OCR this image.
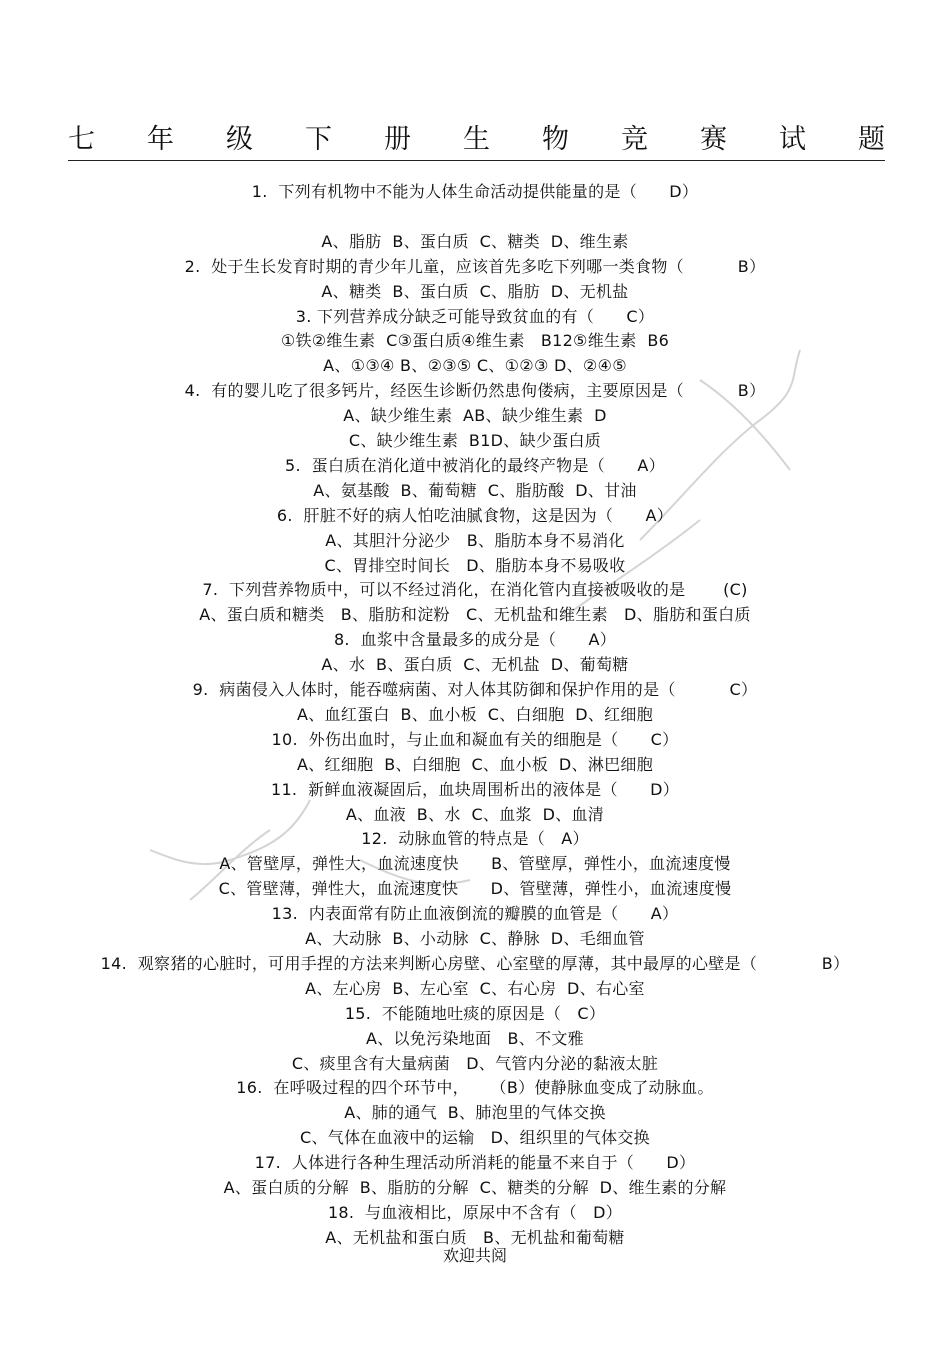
七 年 级 下 册 生 物 竞 赛 试 题
1.  下列有机物中不能为人体生命活动提供能量的是（      D）
A、脂肪  B、蛋白质  C、糖类  D、维生素
2.  处于生长发育时期的青少年儿童，应该首先多吃下列哪一类食物（          B）
A、糖类  B、蛋白质  C、脂肪  D、无机盐
3. 下列营养成分缺乏可能导致贫血的有（      C）
①铁②维生素  C③蛋白质④维生素   B12⑤维生素  B6
A、①③④ B、②③⑤ C、①②③ D、②④⑤
4.  有的婴儿吃了很多钙片，经医生诊断仍然患佝偻病，主要原因是（          B）
A、缺少维生素  AB、缺少维生素  D
C、缺少维生素  B1D、缺少蛋白质
5.  蛋白质在消化道中被消化的最终产物是（      A）
A、氨基酸  B、葡萄糖  C、脂肪酸  D、甘油
6.  肝脏不好的病人怕吃油腻食物，这是因为（      A）
A、其胆汁分泌少   B、脂肪本身不易消化
C、胃排空时间长   D、脂肪本身不易吸收
7.  下列营养物质中，可以不经过消化，在消化管内直接被吸收的是       (C)
A、蛋白质和糖类   B、脂肪和淀粉   C、无机盐和维生素   D、脂肪和蛋白质
8.  血浆中含量最多的成分是（      A）
A、水  B、蛋白质  C、无机盐  D、葡萄糖
9.  病菌侵入人体时，能吞噬病菌、对人体其防御和保护作用的是（          C）
A、血红蛋白  B、血小板  C、白细胞  D、红细胞
10.  外伤出血时，与止血和凝血有关的细胞是（      C）
A、红细胞  B、白细胞  C、血小板  D、淋巴细胞
11.  新鲜血液凝固后，血块周围析出的液体是（      D）
A、血液  B、水  C、血浆  D、血清
12.  动脉血管的特点是（   A）
A、管壁厚，弹性大，血流速度快      B、管壁厚，弹性小，血流速度慢
C、管壁薄，弹性大，血流速度快      D、管壁薄，弹性小，血流速度慢
13.  内表面常有防止血液倒流的瓣膜的血管是（      A）
A、大动脉  B、小动脉  C、静脉  D、毛细血管
14.  观察猪的心脏时，可用手捏的方法来判断心房壁、心室壁的厚薄，其中最厚的心壁是（            B）
A、左心房  B、左心室  C、右心房  D、右心室
15.  不能随地吐痰的原因是（   C）
A、以免污染地面   B、不文雅
C、痰里含有大量病菌   D、气管内分泌的黏液太脏
16.  在呼吸过程的四个环节中，    （B）使静脉血变成了动脉血。
A、肺的通气  B、肺泡里的气体交换
C、气体在血液中的运输   D、组织里的气体交换
17.  人体进行各种生理活动所消耗的能量不来自于（      D）
A、蛋白质的分解  B、脂肪的分解  C、糖类的分解  D、维生素的分解
18.  与血液相比，原尿中不含有（   D）
A、无机盐和蛋白质   B、无机盐和葡萄糖
欢迎共阅
